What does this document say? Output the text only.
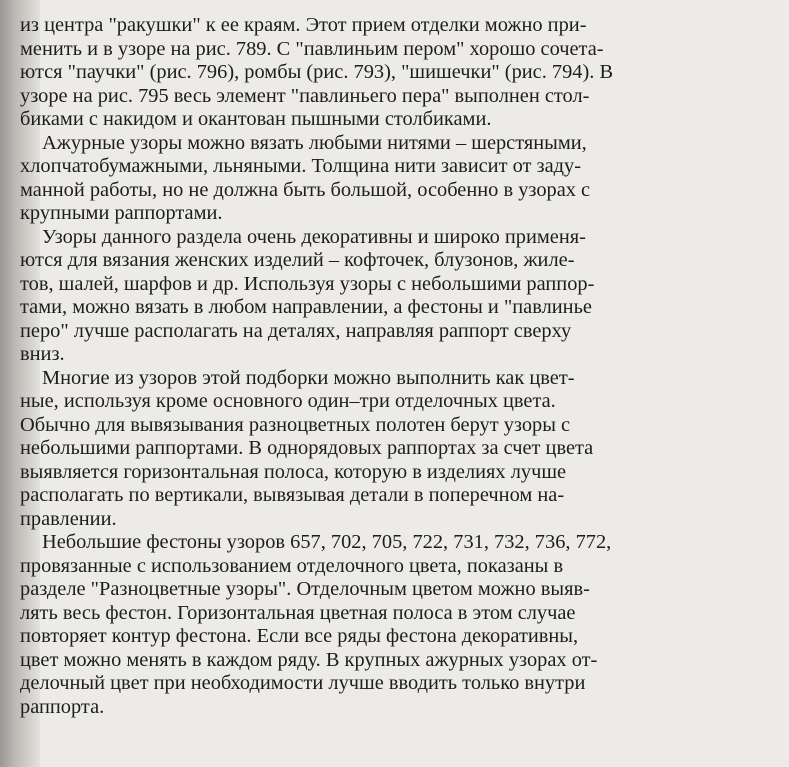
из центра "ракушки" к ее краям. Этот прием отделки можно при-
менить и в узоре на рис. 789. С "павлиньим пером" хорошо сочета-
ются "паучки" (рис. 796), ромбы (рис. 793), "шишечки" (рис. 794). В
узоре на рис. 795 весь элемент "павлиньего пера" выполнен стол-
биками с накидом и окантован пышными столбиками.
Ажурные узоры можно вязать любыми нитями – шерстяными,
хлопчатобумажными, льняными. Толщина нити зависит от заду-
манной работы, но не должна быть большой, особенно в узорах с
крупными раппортами.
Узоры данного раздела очень декоративны и широко применя-
ются для вязания женских изделий – кофточек, блузонов, жиле-
тов, шалей, шарфов и др. Используя узоры с небольшими раппор-
тами, можно вязать в любом направлении, а фестоны и "павлинье
перо" лучше располагать на деталях, направляя раппорт сверху
вниз.
Многие из узоров этой подборки можно выполнить как цвет-
ные, используя кроме основного один–три отделочных цвета.
Обычно для вывязывания разноцветных полотен берут узоры с
небольшими раппортами. В однорядовых раппортах за счет цвета
выявляется горизонтальная полоса, которую в изделиях лучше
располагать по вертикали, вывязывая детали в поперечном на-
правлении.
Небольшие фестоны узоров 657, 702, 705, 722, 731, 732, 736, 772,
провязанные с использованием отделочного цвета, показаны в
разделе "Разноцветные узоры". Отделочным цветом можно выяв-
лять весь фестон. Горизонтальная цветная полоса в этом случае
повторяет контур фестона. Если все ряды фестона декоративны,
цвет можно менять в каждом ряду. В крупных ажурных узорах от-
делочный цвет при необходимости лучше вводить только внутри
раппорта.
